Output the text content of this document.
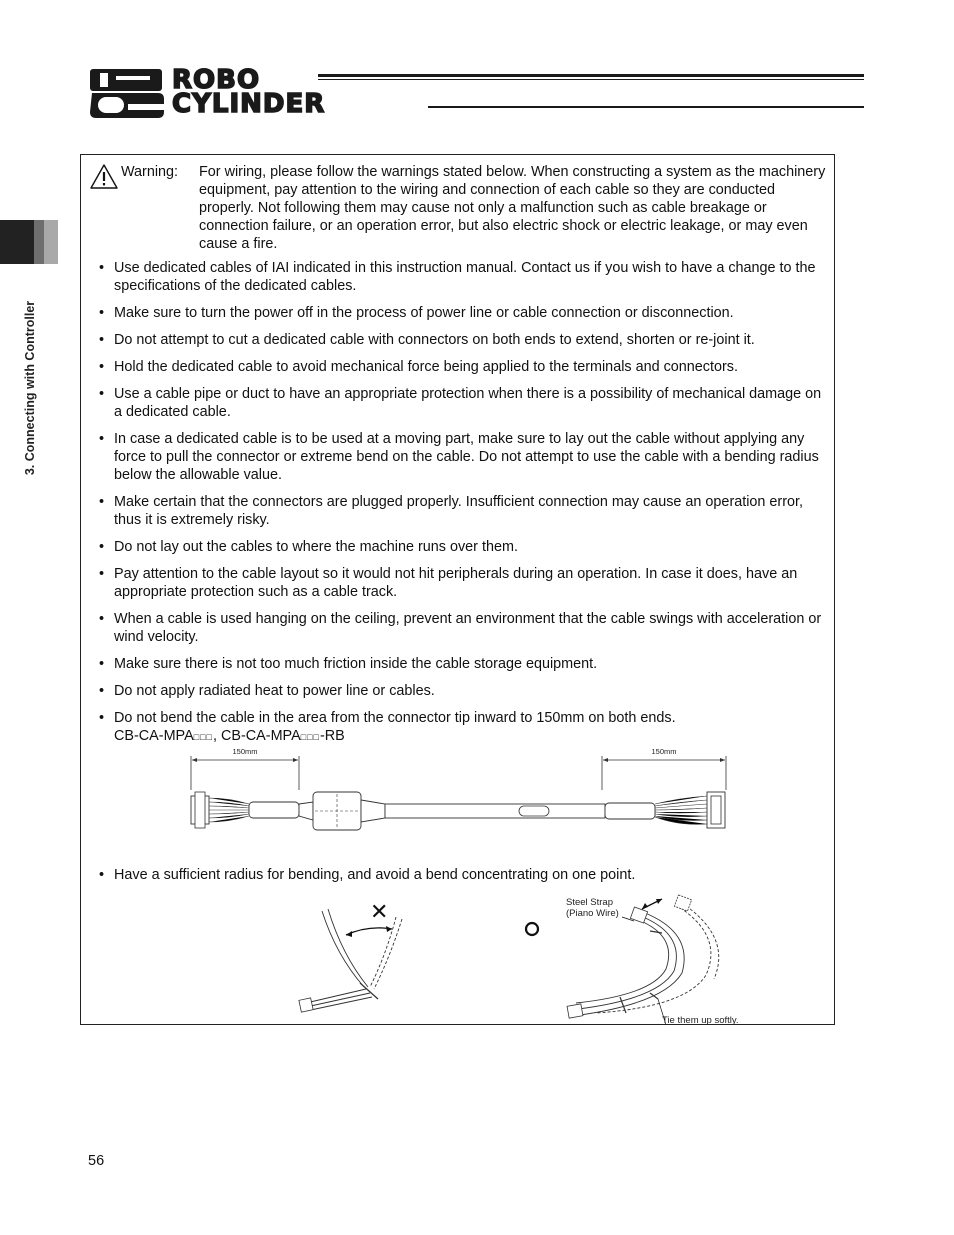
ROBO
CYLINDER
3. Connecting with Controller
Warning: For wiring, please follow the warnings stated below. When constructing a system as the machinery equipment, pay attention to the wiring and connection of each cable so they are conducted properly. Not following them may cause not only a malfunction such as cable breakage or connection failure, or an operation error, but also electric shock or electric leakage, or may even cause a fire.
• Use dedicated cables of IAI indicated in this instruction manual. Contact us if you wish to have a change to the specifications of the dedicated cables.
• Make sure to turn the power off in the process of power line or cable connection or disconnection.
• Do not attempt to cut a dedicated cable with connectors on both ends to extend, shorten or re-joint it.
• Hold the dedicated cable to avoid mechanical force being applied to the terminals and connectors.
• Use a cable pipe or duct to have an appropriate protection when there is a possibility of mechanical damage on a dedicated cable.
• In case a dedicated cable is to be used at a moving part, make sure to lay out the cable without applying any force to pull the connector or extreme bend on the cable. Do not attempt to use the cable with a bending radius below the allowable value.
• Make certain that the connectors are plugged properly. Insufficient connection may cause an operation error, thus it is extremely risky.
• Do not lay out the cables to where the machine runs over them.
• Pay attention to the cable layout so it would not hit peripherals during an operation. In case it does, have an appropriate protection such as a cable track.
• When a cable is used hanging on the ceiling, prevent an environment that the cable swings with acceleration or wind velocity.
• Make sure there is not too much friction inside the cable storage equipment.
• Do not apply radiated heat to power line or cables.
• Do not bend the cable in the area from the connector tip inward to 150mm on both ends.
CB-CA-MPA□□□, CB-CA-MPA□□□-RB
• Have a sufficient radius for bending, and avoid a bend concentrating on one point.
150mm	150mm
✕	Steel Strap
(Piano Wire)
Tie them up softly.
56
